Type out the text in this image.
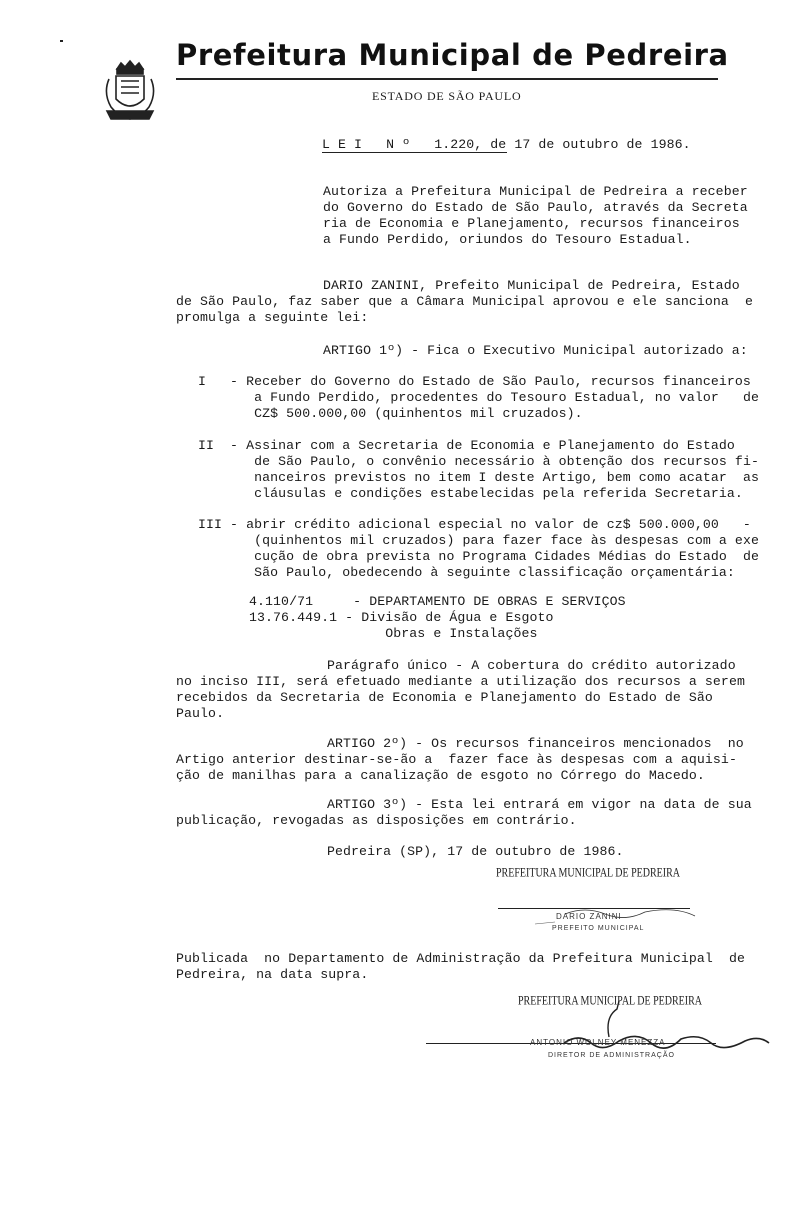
Prefeitura Municipal de Pedreira
ESTADO DE SÃO PAULO
L E I   N º   1.220, de 17 de outubro de 1986.
Autoriza a Prefeitura Municipal de Pedreira a receber
do Governo do Estado de São Paulo, através da Secreta
ria de Economia e Planejamento, recursos financeiros
a Fundo Perdido, oriundos do Tesouro Estadual.
DARIO ZANINI, Prefeito Municipal de Pedreira, Estado
de São Paulo, faz saber que a Câmara Municipal aprovou e ele sanciona  e
promulga a seguinte lei:
ARTIGO 1º) - Fica o Executivo Municipal autorizado a:
I   - Receber do Governo do Estado de São Paulo, recursos financeiros
a Fundo Perdido, procedentes do Tesouro Estadual, no valor   de
CZ$ 500.000,00 (quinhentos mil cruzados).
II  - Assinar com a Secretaria de Economia e Planejamento do Estado
de São Paulo, o convênio necessário à obtenção dos recursos fi-
nanceiros previstos no item I deste Artigo, bem como acatar  as
cláusulas e condições estabelecidas pela referida Secretaria.
III - abrir crédito adicional especial no valor de cz$ 500.000,00   -
(quinhentos mil cruzados) para fazer face às despesas com a exe
cução de obra prevista no Programa Cidades Médias do Estado  de
São Paulo, obedecendo à seguinte classificação orçamentária:
4.110/71     - DEPARTAMENTO DE OBRAS E SERVIÇOS
13.76.449.1 - Divisão de Água e Esgoto
Obras e Instalações
Parágrafo único - A cobertura do crédito autorizado
no inciso III, será efetuado mediante a utilização dos recursos a serem
recebidos da Secretaria de Economia e Planejamento do Estado de São
Paulo.
ARTIGO 2º) - Os recursos financeiros mencionados  no
Artigo anterior destinar-se-ão a  fazer face às despesas com a aquisi-
ção de manilhas para a canalização de esgoto no Córrego do Macedo.
ARTIGO 3º) - Esta lei entrará em vigor na data de sua
publicação, revogadas as disposições em contrário.
Pedreira (SP), 17 de outubro de 1986.

PREFEITURA MUNICIPAL DE PEDREIRA
DARIO ZANINI
PREFEITO MUNICIPAL
Publicada  no Departamento de Administração da Prefeitura Municipal  de
Pedreira, na data supra.

PREFEITURA MUNICIPAL DE PEDREIRA
ANTONIO WOLNEY MENEZZA
DIRETOR DE ADMINISTRAÇÃO
